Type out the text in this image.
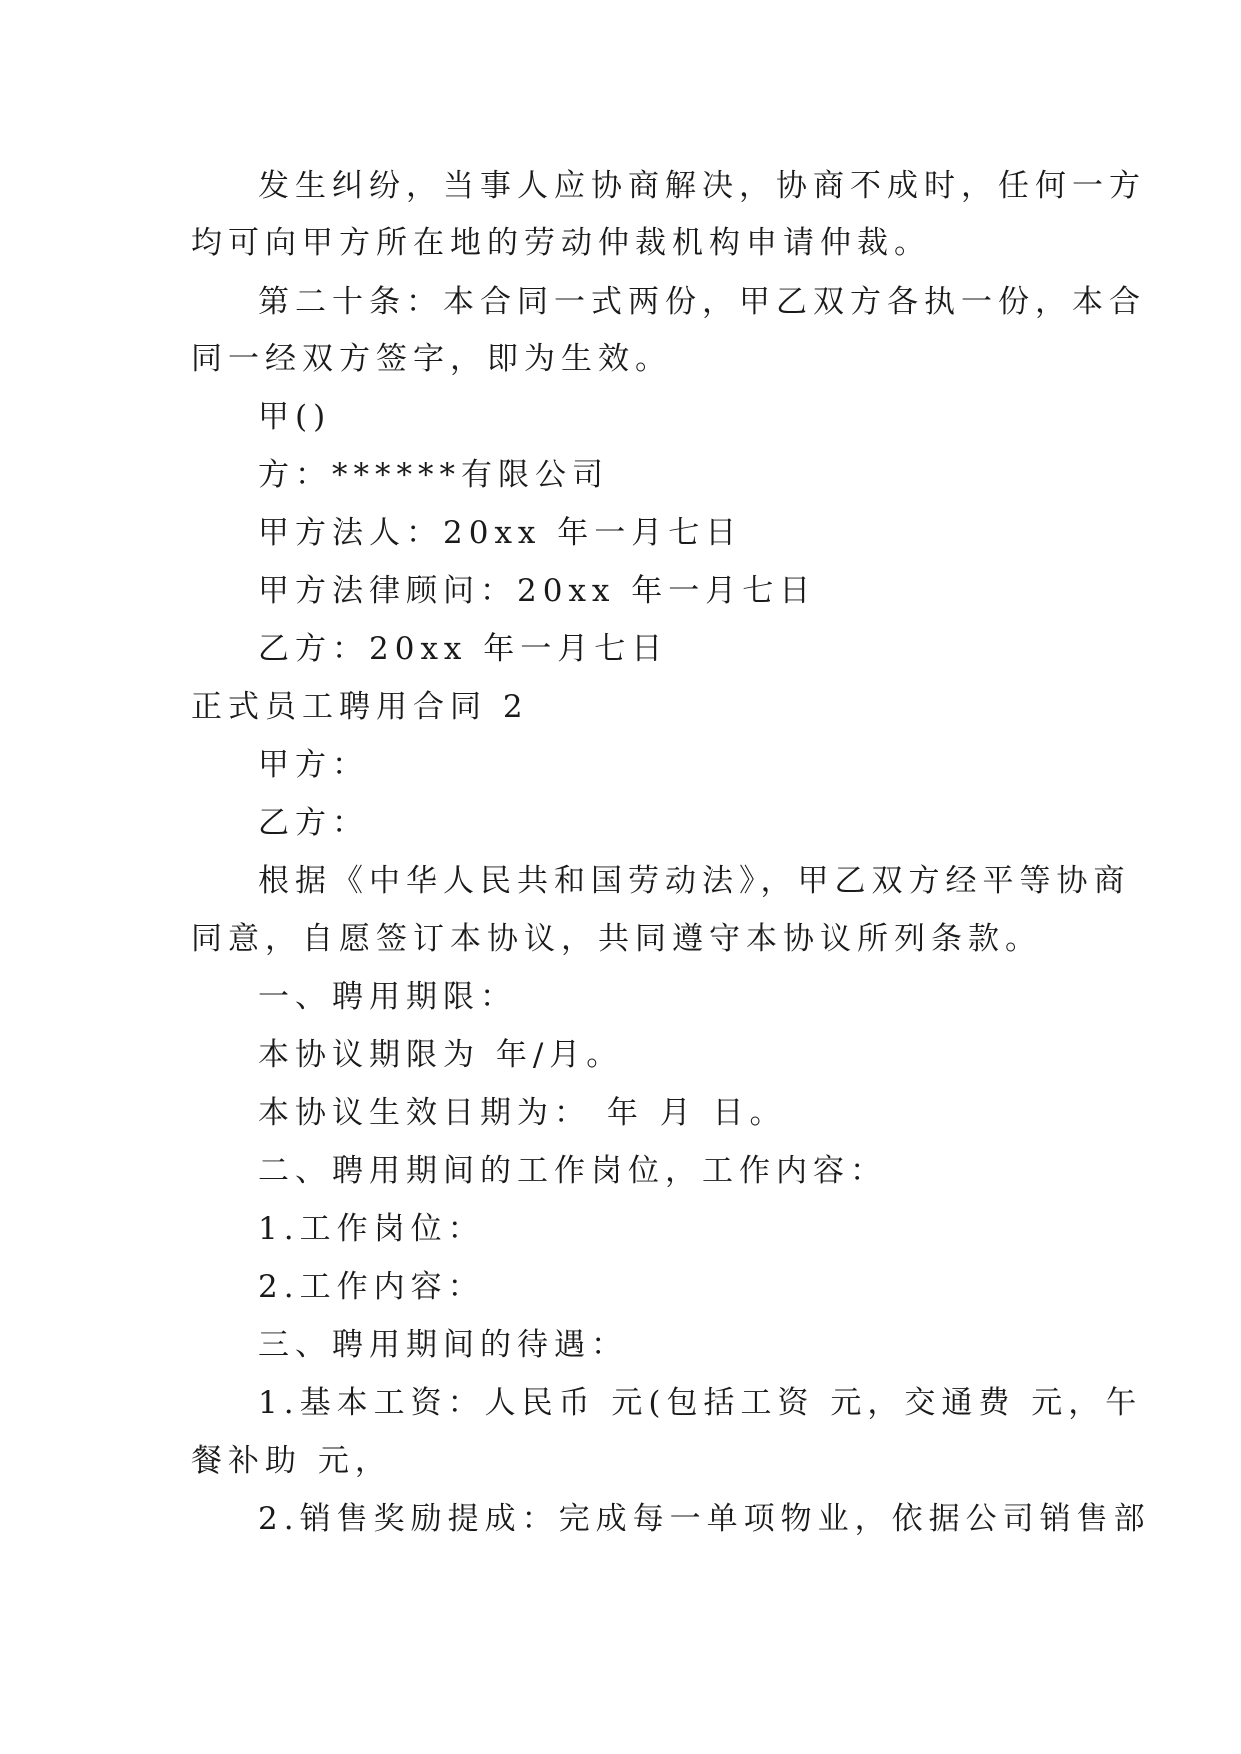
发生纠纷，当事人应协商解决，协商不成时，任何一方
均可向甲方所在地的劳动仲裁机构申请仲裁。
第二十条：本合同一式两份，甲乙双方各执一份，本合
同一经双方签字，即为生效。
甲()
方：******有限公司
甲方法人：20xx 年一月七日
甲方法律顾问：20xx 年一月七日
乙方：20xx 年一月七日
正式员工聘用合同 2
甲方：
乙方：
根据《中华人民共和国劳动法》，甲乙双方经平等协商
同意，自愿签订本协议，共同遵守本协议所列条款。
一、聘用期限：
本协议期限为 年/月。
本协议生效日期为： 年 月 日。
二、聘用期间的工作岗位，工作内容：
1.工作岗位：
2.工作内容：
三、聘用期间的待遇：
1.基本工资：人民币 元(包括工资 元，交通费 元，午
餐补助 元，
2.销售奖励提成：完成每一单项物业，依据公司销售部
